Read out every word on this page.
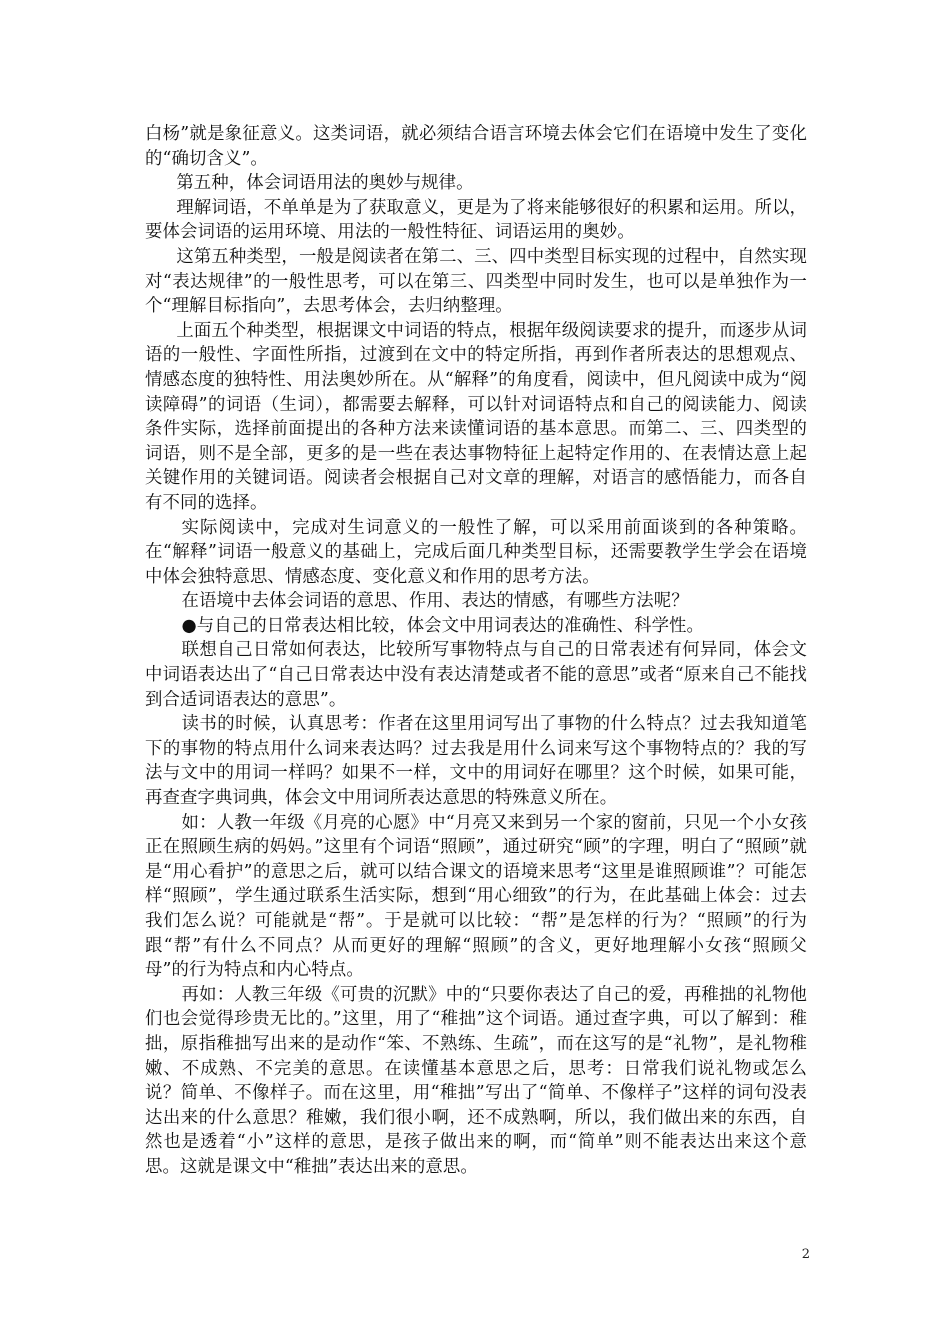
白杨”就是象征意义。这类词语，就必须结合语言环境去体会它们在语境中发生了变化的“确切含义”。

第五种，体会词语用法的奥妙与规律。

理解词语，不单单是为了获取意义，更是为了将来能够很好的积累和运用。所以，要体会词语的运用环境、用法的一般性特征、词语运用的奥妙。

这第五种类型，一般是阅读者在第二、三、四中类型目标实现的过程中，自然实现对“表达规律”的一般性思考，可以在第三、四类型中同时发生，也可以是单独作为一个“理解目标指向”，去思考体会，去归纳整理。

上面五个种类型，根据课文中词语的特点，根据年级阅读要求的提升，而逐步从词语的一般性、字面性所指，过渡到在文中的特定所指，再到作者所表达的思想观点、情感态度的独特性、用法奥妙所在。从“解释”的角度看，阅读中，但凡阅读中成为“阅读障碍”的词语（生词），都需要去解释，可以针对词语特点和自己的阅读能力、阅读条件实际，选择前面提出的各种方法来读懂词语的基本意思。而第二、三、四类型的词语，则不是全部，更多的是一些在表达事物特征上起特定作用的、在表情达意上起关键作用的关键词语。阅读者会根据自己对文章的理解，对语言的感悟能力，而各自有不同的选择。

实际阅读中，完成对生词意义的一般性了解，可以采用前面谈到的各种策略。在“解释”词语一般意义的基础上，完成后面几种类型目标，还需要教学生学会在语境中体会独特意思、情感态度、变化意义和作用的思考方法。

在语境中去体会词语的意思、作用、表达的情感，有哪些方法呢？

●与自己的日常表达相比较，体会文中用词表达的准确性、科学性。

联想自己日常如何表达，比较所写事物特点与自己的日常表述有何异同，体会文中词语表达出了“自己日常表达中没有表达清楚或者不能的意思”或者“原来自己不能找到合适词语表达的意思”。

读书的时候，认真思考：作者在这里用词写出了事物的什么特点？过去我知道笔下的事物的特点用什么词来表达吗？过去我是用什么词来写这个事物特点的？我的写法与文中的用词一样吗？如果不一样，文中的用词好在哪里？这个时候，如果可能，再查查字典词典，体会文中用词所表达意思的特殊意义所在。

如：人教一年级《月亮的心愿》中“月亮又来到另一个家的窗前，只见一个小女孩正在照顾生病的妈妈。”这里有个词语“照顾”，通过研究“顾”的字理，明白了“照顾”就是“用心看护”的意思之后，就可以结合课文的语境来思考“这里是谁照顾谁”？可能怎样“照顾”，学生通过联系生活实际，想到“用心细致”的行为，在此基础上体会：过去我们怎么说？可能就是“帮”。于是就可以比较：“帮”是怎样的行为？“照顾”的行为跟“帮”有什么不同点？从而更好的理解“照顾”的含义，更好地理解小女孩“照顾父母”的行为特点和内心特点。

再如：人教三年级《可贵的沉默》中的“只要你表达了自己的爱，再稚拙的礼物他们也会觉得珍贵无比的。”这里，用了“稚拙”这个词语。通过查字典，可以了解到：稚拙，原指稚拙写出来的是动作“笨、不熟练、生疏”，而在这写的是“礼物”，是礼物稚嫩、不成熟、不完美的意思。在读懂基本意思之后，思考：日常我们说礼物或怎么说？简单、不像样子。而在这里，用“稚拙”写出了“简单、不像样子”这样的词句没表达出来的什么意思？稚嫩，我们很小啊，还不成熟啊，所以，我们做出来的东西，自然也是透着“小”这样的意思，是孩子做出来的啊，而“简单”则不能表达出来这个意思。这就是课文中“稚拙”表达出来的意思。

2
